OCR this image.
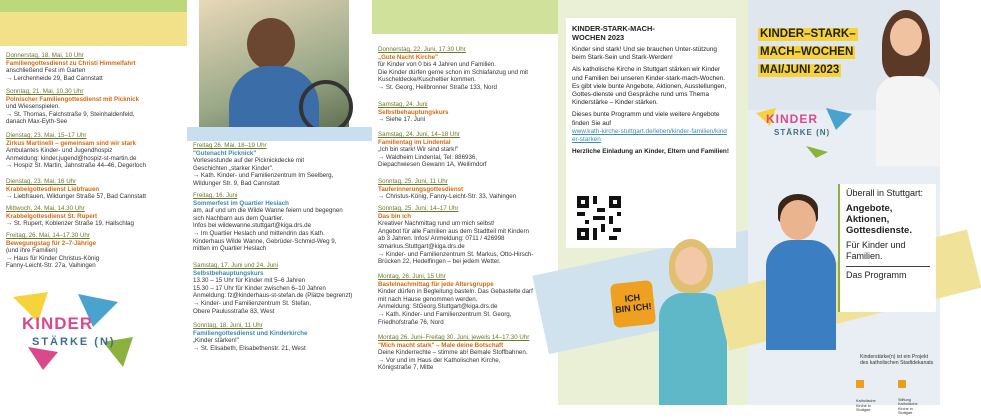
Donnerstag, 18. Mai, 10 Uhr
Familiengottesdienst zu Christi Himmelfahrt
anschließend Fest im Garten
→ Lerchenheide 29, Bad Cannstatt
Sonntag, 21. Mai, 10.30 Uhr
Polnischer Familiengottesdienst mit Picknick
und Wiesenspielen.
→ St. Thomas, Falchstraße 9, Steinhaldenfeld,
danach Max-Eyth-See
Dienstag, 23. Mai, 15–17 Uhr
Zirkus Martinelli – gemeinsam sind wir stark
Ambulantes Kinder- und Jugendhospiz
Anmeldung: kinder.jugend@hospiz-st-martin.de
→ Hospiz St. Martin, Jahnstraße 44–46, Degerloch
Dienstag, 23. Mai, 16 Uhr
Krabbelgottesdienst Liebfrauen
→ Liebfrauen, Wildunger Straße 57, Bad Cannstatt
Mittwoch, 24. Mai, 14.30 Uhr
Krabbelgottesdienst St. Rupert
→ St. Rupert, Koblenzer Straße 19, Hallschlag
Freitag, 26. Mai, 14–17.30 Uhr
Bewegungstag für 2–7-Jährige
(und ihre Familien)
→ Haus für Kinder Christus-König
Fanny-Leicht-Str. 27a, Vaihingen
KINDER
STÄRKE (N)
Freitag 26. Mai, 18–19 Uhr
"Gutenacht Picknick"
Vorlesestunde auf der Picknickdecke mit
Geschichten „starker Kinder".
→ Kath. Kinder- und Familienzentrum Im Seelberg,
Wildunger Str. 9, Bad Cannstatt
Freitag, 16. Juni
Sommerfest im Quartier Heslach
am, auf und um die Wilde Wanne feiern und begegnen
sich Nachbarn aus dem Quartier.
Infos bei wildewanne.stuttgart@kiga.drs.de
→ Im Quartier Heslach und mittendrin das Kath.
Kinderhaus Wilde Wanne, Gebrüder-Schmid-Weg 9,
mitten im Quartier Heslach
Samstag, 17. Juni und 24. Juni
Selbstbehauptungskurs
13.30 – 15 Uhr für Kinder mit 5–6 Jahren
15.30 – 17 Uhr für Kinder zwischen 6–10 Jahren
Anmeldung: fz@kinderhaus-st-stefan.de (Plätze begrenzt)
→ Kinder- und Familienzentrum St. Stefan,
Obere Paulusstraße 83, West
Sonntag, 18. Juni, 11 Uhr
Familiengottesdienst und Kinderkirche
„Kinder stärken!"
→ St. Elisabeth, Elisabethenstr. 21, West
Donnerstag, 22. Juni, 17.30 Uhr
„Gute Nacht Kirche"
für Kinder von 0 bis 4 Jahren und Familien.
Die Kinder dürfen gerne schon im Schlafanzug und mit
Kuscheldecke/Kuscheltier kommen.
→ St. Georg, Heilbronner Straße 133, Nord
Samstag, 24. Juni
Selbstbehauptungskurs
→ Siehe 17. Juni
Samstag, 24. Juni, 14–18 Uhr
Familientag im Lindental
„Ich bin stark! Wir sind stark!"
→ Waldheim Lindental, Tel: 886936,
Diepachwiesen Gewann 1A, Weilimdorf
Sonntag, 25. Juni, 11 Uhr
Tauferinnerungsgottesdienst
→ Christus-König, Fanny-Leicht-Str. 33, Vaihingen
Sonntag, 25. Juni, 14–17 Uhr
Das bin ich
Kreativer Nachmittag rund um mich selbst!
Angebot für alle Familien aus dem Stadtteil mit Kindern
ab 3 Jahren. Infos/ Anmeldung: 0711 / 426998
stmarkus.Stuttgart@kiga.drs.de
→ Kinder- und Familienzentrum St. Markus, Otto-Hirsch-
Brücken 22, Hedelfingen – bei jedem Wetter.
Montag, 26. Juni, 15 Uhr
Bastelnachmittag für jede Altersgruppe
Kinder dürfen in Begleitung basteln. Das Gebastelte darf
mit nach Hause genommen werden.
Anmeldung: StGeorg.Stuttgart@kiga.drs.de
→ Kath. Kinder- und Familienzentrum St. Georg,
Friedhofstraße 76, Nord
Montag 26. Juni–Freitag 30. Juni, jeweils 14–17.30 Uhr
"Mich macht stark" – Male deine Botschaft
Deine Kinderrechte – stimme ab! Bemale Stoffbahnen.
→ Vor und im Haus der Katholischen Kirche,
Königstraße 7, Mitte
KINDER-STARK-MACH-
WOCHEN 2023
Kinder sind stark! Und sie brauchen Unter-stützung beim Stark-Sein und Stark-Werden!
Als katholische Kirche in Stuttgart stärken wir Kinder und Familien bei unseren Kinder-stark-mach-Wochen. Es gibt viele bunte Angebote, Aktionen, Ausstellungen, Gottes-dienste und Gespräche rund ums Thema Kinderstärke – Kinder stärken.
Dieses bunte Programm und viele weitere Angebote finden Sie auf
www.kath-kirche-stuttgart.de/leben/kinder-familien/kinder-starken
Herzliche Einladung an Kinder, Eltern und Familien!
ICH
BIN ICH!
KINDER–STARK– MACH–WOCHEN MAI/JUNI 2023
KINDER
STÄRKE (N)
Überall in Stuttgart:
Angebote, Aktionen, Gottesdienste.
Für Kinder und Familien.
Das Programm
Kinderstärke(n) ist ein Projekt des katholischen Stadtdekanats
Katholische Kirche in Stuttgart
Stiftung Katholische Kirche in Stuttgart
